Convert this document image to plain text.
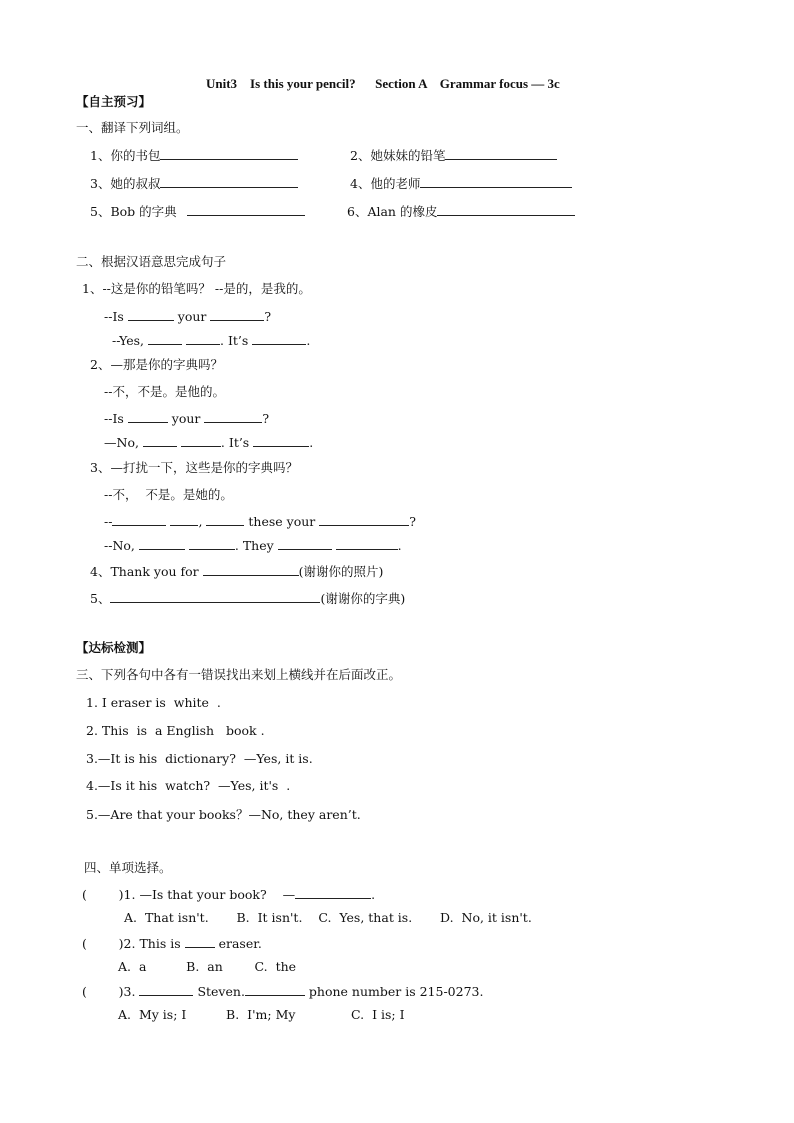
Unit3    Is this your pencil?      Section A    Grammar focus — 3c
【自主预习】
一、翻译下列词组。
1、你的书包	2、她妹妹的铅笔
3、她的叔叔	4、他的老师
5、Bob 的字典	6、Alan 的橡皮
二、根据汉语意思完成句子
1、--这是你的铅笔吗？ --是的，是我的。
--Is	your	?
--Yes,	. It’s	.
2、—那是你的字典吗？
--不，不是。是他的。
--Is	your	?
—No,	. It’s	.
3、—打扰一下，这些是你的字典吗？
--不，  不是。是她的。
--	,	these your	?
--No,	. They	.
4、Thank you for	(谢谢你的照片)
5、	(谢谢你的字典)
【达标检测】
三、下列各句中各有一错误找出来划上横线并在后面改正。
1. I eraser is  white  .
2. This  is  a English   book .
3.—It is his  dictionary?  —Yes, it is.
4.—Is it his  watch?  —Yes, it's  .
5.—Are that your books？—No, they aren’t.
四、单项选择。
(        )1. —Is that your book?    —	.
A.  That isn't.       B.  It isn't.    C.  Yes, that is.       D.  No, it isn't.
(        )2. This is	eraser.
A.  a          B.  an        C.  the
(        )3.	Steven.	phone number is 215-0273.
A.  My is; I          B.  I'm; My              C.  I is; I
